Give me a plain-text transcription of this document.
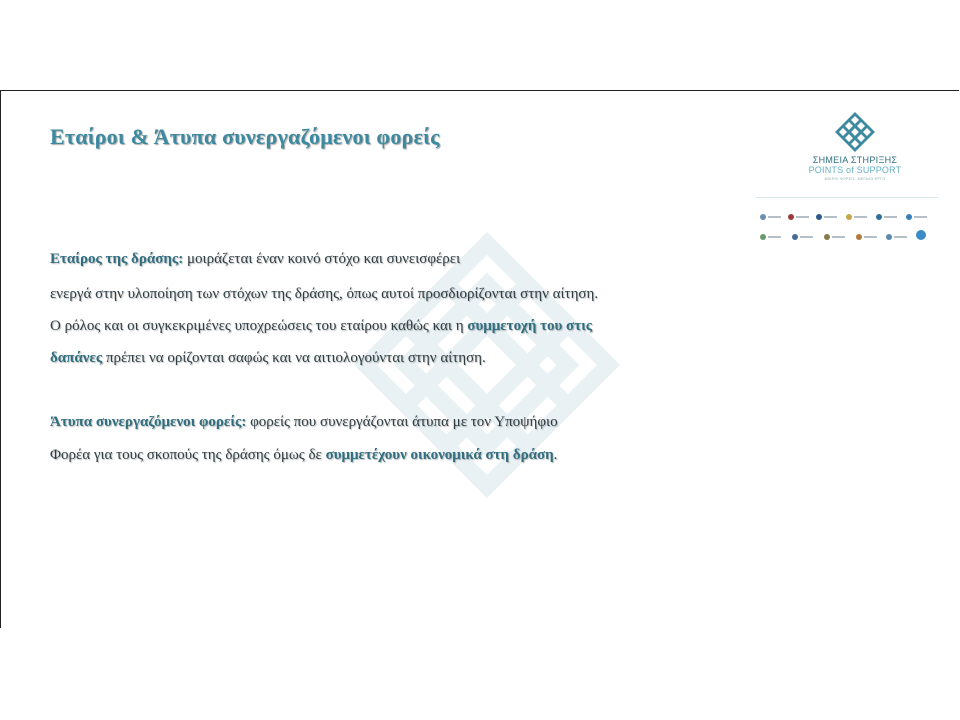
Εταίροι & Άτυπα συνεργαζόμενοι φορείς
Εταίρος της δράσης: μοιράζεται έναν κοινό στόχο και συνεισφέρει
ενεργά στην υλοποίηση των στόχων της δράσης, όπως αυτοί προσδιορίζονται στην αίτηση.
Ο ρόλος και οι συγκεκριμένες υποχρεώσεις του εταίρου καθώς και η συμμετοχή του στις
δαπάνες πρέπει να ορίζονται σαφώς και να αιτιολογούνται στην αίτηση.
Άτυπα συνεργαζόμενοι φορείς: φορείς που συνεργάζονται άτυπα με τον Υποψήφιο
Φορέα για τους σκοπούς της δράσης όμως δε συμμετέχουν οικονομικά στη δράση.
ΣΗΜΕΙΑ ΣΤΗΡΙΞΗΣ
POINTS of SUPPORT
ΜΙΚΡΟΙ ΦΟΡΕΙΣ, ΜΕΓΑΛΟ ΕΡΓΟ
